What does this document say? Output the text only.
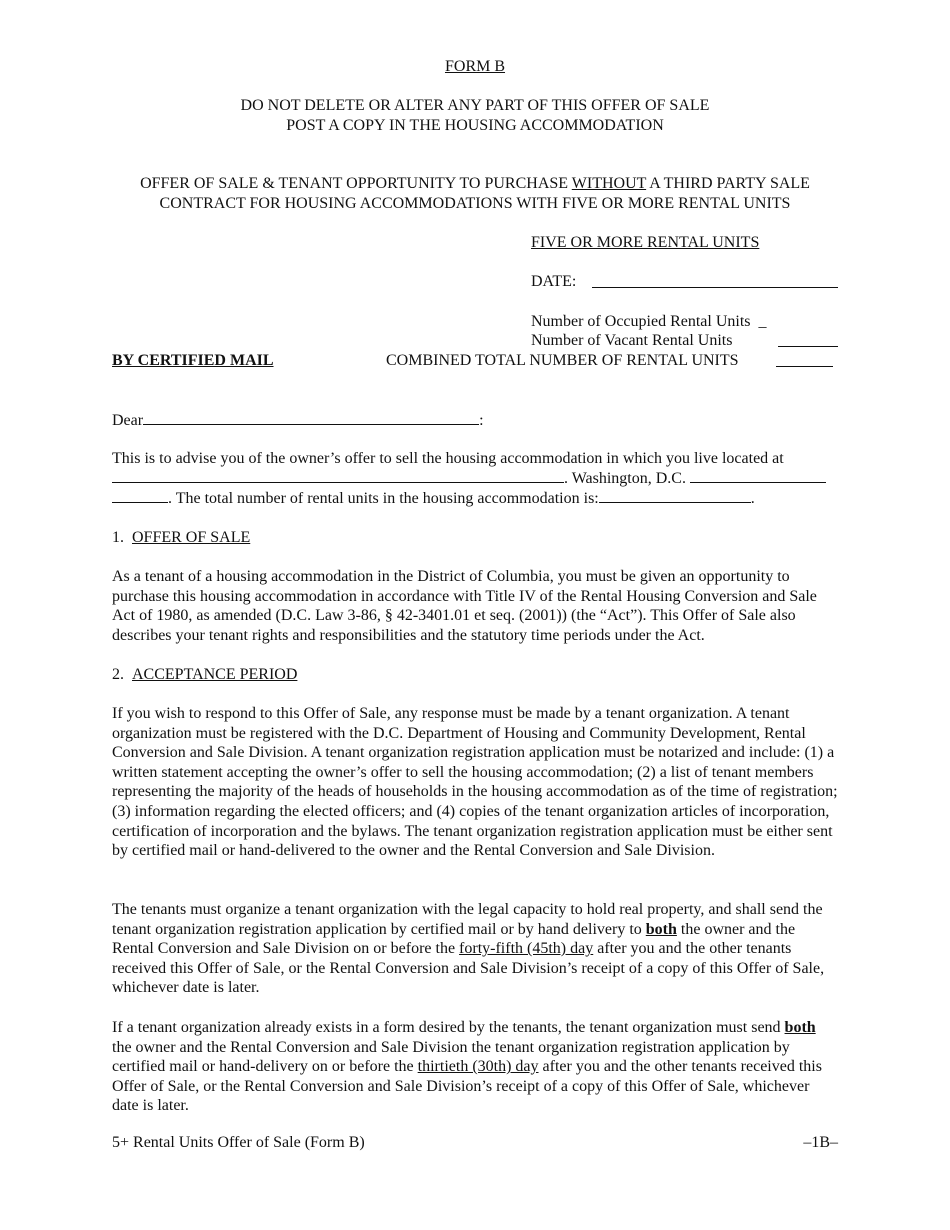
FORM B
DO NOT DELETE OR ALTER ANY PART OF THIS OFFER OF SALE
POST A COPY IN THE HOUSING ACCOMMODATION
OFFER OF SALE & TENANT OPPORTUNITY TO PURCHASE WITHOUT A THIRD PARTY SALE
CONTRACT FOR HOUSING ACCOMMODATIONS WITH FIVE OR MORE RENTAL UNITS
FIVE OR MORE RENTAL UNITS
DATE:
Number of Occupied Rental Units _
Number of Vacant Rental Units
BY CERTIFIED MAIL	COMBINED TOTAL NUMBER OF RENTAL UNITS
Dear	:
This is to advise you of the owner’s offer to sell the housing accommodation in which you live located at
. Washington, D.C.
. The total number of rental units in the housing accommodation is:	.
1. OFFER OF SALE
As a tenant of a housing accommodation in the District of Columbia, you must be given an opportunity to purchase this housing accommodation in accordance with Title IV of the Rental Housing Conversion and Sale Act of 1980, as amended (D.C. Law 3-86, § 42-3401.01 et seq. (2001)) (the “Act”). This Offer of Sale also describes your tenant rights and responsibilities and the statutory time periods under the Act.
2. ACCEPTANCE PERIOD
If you wish to respond to this Offer of Sale, any response must be made by a tenant organization. A tenant organization must be registered with the D.C. Department of Housing and Community Development, Rental Conversion and Sale Division. A tenant organization registration application must be notarized and include: (1) a written statement accepting the owner’s offer to sell the housing accommodation; (2) a list of tenant members representing the majority of the heads of households in the housing accommodation as of the time of registration; (3) information regarding the elected officers; and (4) copies of the tenant organization articles of incorporation, certification of incorporation and the bylaws. The tenant organization registration application must be either sent by certified mail or hand-delivered to the owner and the Rental Conversion and Sale Division.
The tenants must organize a tenant organization with the legal capacity to hold real property, and shall send the tenant organization registration application by certified mail or by hand delivery to both the owner and the Rental Conversion and Sale Division on or before the forty-fifth (45th) day after you and the other tenants received this Offer of Sale, or the Rental Conversion and Sale Division’s receipt of a copy of this Offer of Sale, whichever date is later.
If a tenant organization already exists in a form desired by the tenants, the tenant organization must send both the owner and the Rental Conversion and Sale Division the tenant organization registration application by certified mail or hand-delivery on or before the thirtieth (30th) day after you and the other tenants received this Offer of Sale, or the Rental Conversion and Sale Division’s receipt of a copy of this Offer of Sale, whichever date is later.
5+ Rental Units Offer of Sale (Form B)	–1B–
